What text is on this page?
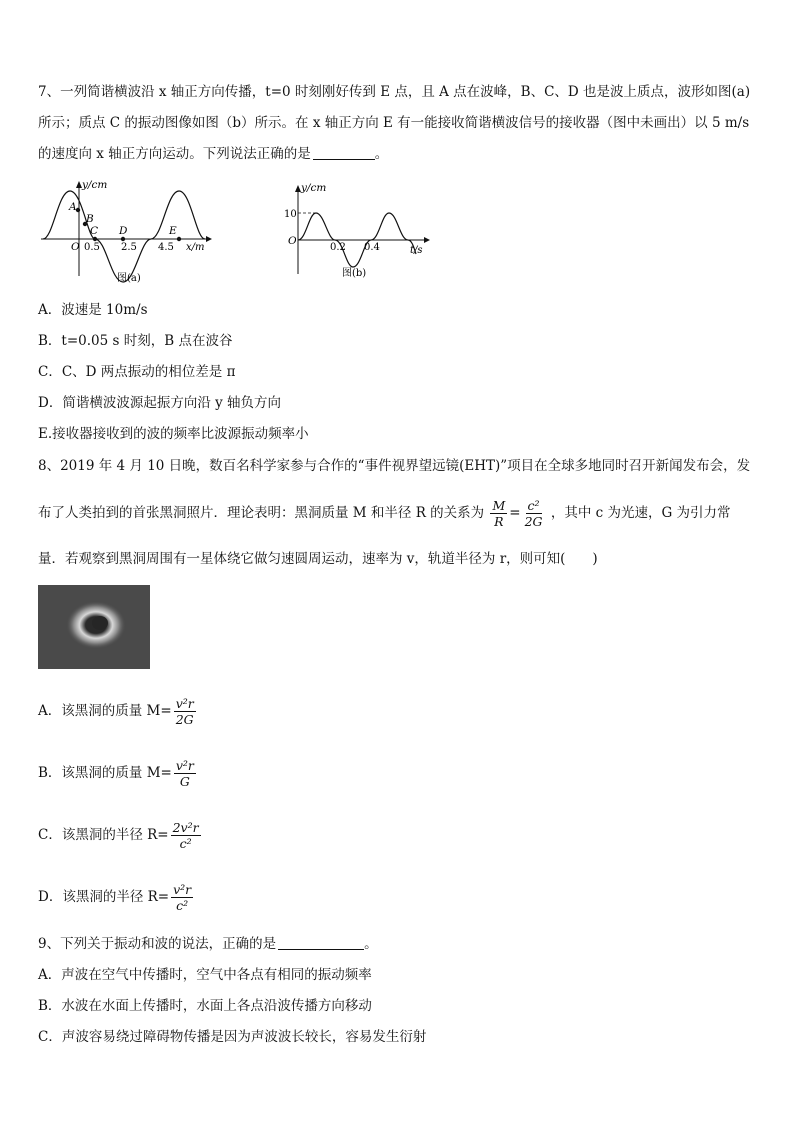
7、一列简谐横波沿 x 轴正方向传播，t=0 时刻刚好传到 E 点，且 A 点在波峰，B、C、D 也是波上质点，波形如图(a)
所示；质点 C 的振动图像如图（b）所示。在 x 轴正方向 E 有一能接收简谐横波信号的接收器（图中未画出）以 5 m/s
的速度向 x 轴正方向运动。下列说法正确的是	。
y/cm
A
B
C D	E
O 0.5 2.5 4.5 x/m
图(a)
y/cm
10
O
0.2 0.4	t/s
图(b)
A．波速是 10m/s
B．t=0.05 s 时刻，B 点在波谷
C．C、D 两点振动的相位差是 π
D．简谐横波波源起振方向沿 y 轴负方向
E.接收器接收到的波的频率比波源振动频率小
8、2019 年 4 月 10 日晚，数百名科学家参与合作的“事件视界望远镜(EHT)”项目在全球多地同时召开新闻发布会，发
布了人类拍到的首张黑洞照片．理论表明：黑洞质量 M 和半径 R 的关系为 $\frac{M}{R} = \frac{\text{c²}}{2G}$ ，其中 c 为光速，G 为引力常
量．若观察到黑洞周围有一星体绕它做匀速圆周运动，速率为 v，轨道半径为 r，则可知(　　)
A．该黑洞的质量 $M= \frac{\text{v²r}}{2G}$
B．该黑洞的质量 $M= \frac{\text{v²r}}{G}$
C．该黑洞的半径 $R= \frac{\text{2v²r}}{\text{c²}}$
D．该黑洞的半径 $R= \frac{\text{v²r}}{\text{c²}}$
9、下列关于振动和波的说法，正确的是	。
A．声波在空气中传播时，空气中各点有相同的振动频率
B．水波在水面上传播时，水面上各点沿波传播方向移动
C．声波容易绕过障碍物传播是因为声波波长较长，容易发生衍射
